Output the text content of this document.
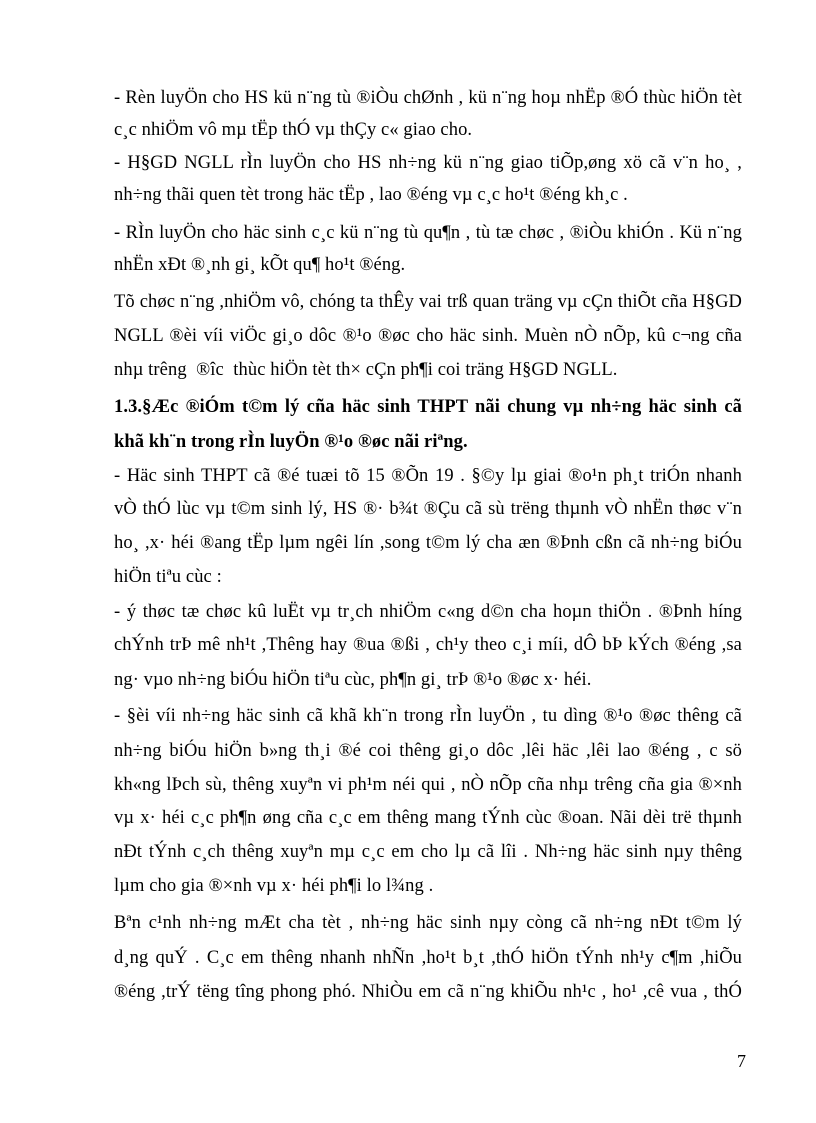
- Rèn luyÖn cho HS kü n¨ng tù ®iÒu chØnh , kü n¨ng hoµ nhËp ®Ó thùc hiÖn tèt
c¸c nhiÖm vô mµ tËp thÓ vµ thÇy c« giao cho.
- H§GD NGLL rÌn luyÖn cho HS nh÷ng kü n¨ng giao tiÕp,øng xö cã v¨n ho¸ ,
nh÷ng thãi quen tèt trong häc tËp , lao ®éng vµ c¸c ho¹t ®éng kh¸c .
- RÌn luyÖn cho häc sinh c¸c kü n¨ng tù qu¶n , tù tæ chøc , ®iÒu khiÓn . Kü n¨ng
nhËn xÐt ®¸nh gi¸ kÕt qu¶ ho¹t ®éng.
Tõ chøc n¨ng ,nhiÖm vô, chóng ta thÊy vai trß quan träng vµ cÇn thiÕt cña H§GD
NGLL ®èi víi viÖc gi¸o dôc ®¹o ®øc cho häc sinh. Muèn nÒ nÕp, kû c¬ng cña
nhµ trêng  ®îc  thùc hiÖn tèt th× cÇn ph¶i coi träng H§GD NGLL.
1.3.§Æc ®iÓm t©m lý cña häc sinh THPT nãi chung vµ nh÷ng häc sinh cã
khã kh¨n trong rÌn luyÖn ®¹o ®øc nãi riªng.
- Häc sinh THPT cã ®é tuæi tõ 15 ®Õn 19 . §©y lµ giai ®o¹n ph¸t triÓn nhanh
vÒ thÓ lùc vµ t©m sinh lý, HS ®· b¾t ®Çu cã sù trëng thµnh vÒ nhËn thøc v¨n
ho¸ ,x· héi ®ang tËp lµm ngêi lín ,song t©m lý cha æn ®Þnh cßn cã nh÷ng biÓu
hiÖn tiªu cùc :
- ý thøc tæ chøc kû luËt vµ tr¸ch nhiÖm c«ng d©n cha hoµn thiÖn . ®Þnh híng
chÝnh trÞ mê nh¹t ,Thêng hay ®ua ®ßi , ch¹y theo c¸i míi, dÔ bÞ kÝch ®éng ,sa
ng· vµo nh÷ng biÓu hiÖn tiªu cùc, ph¶n gi¸ trÞ ®¹o ®øc x· héi.
- §èi víi nh÷ng häc sinh cã khã kh¨n trong rÌn luyÖn , tu dìng ®¹o ®øc thêng cã
nh÷ng biÓu hiÖn b»ng th¸i ®é coi thêng gi¸o dôc ,lêi häc ,lêi lao ®éng , c sö
kh«ng lÞch sù, thêng xuyªn vi ph¹m néi qui , nÒ nÕp cña nhµ trêng cña gia ®×nh
vµ x· héi c¸c ph¶n øng cña c¸c em thêng mang tÝnh cùc ®oan. Nãi dèi trë thµnh
nÐt tÝnh c¸ch thêng xuyªn mµ c¸c em cho lµ cã lîi . Nh÷ng häc sinh nµy thêng
lµm cho gia ®×nh vµ x· héi ph¶i lo l¾ng .
Bªn c¹nh nh÷ng mÆt cha tèt , nh÷ng häc sinh nµy còng cã nh÷ng nÐt t©m lý
d¸ng quÝ . C¸c em thêng nhanh nhÑn ,ho¹t b¸t ,thÓ hiÖn tÝnh nh¹y c¶m ,hiÕu
®éng ,trÝ tëng tîng phong phó. NhiÒu em cã n¨ng khiÕu nh¹c , ho¹ ,cê vua , thÓ
7
